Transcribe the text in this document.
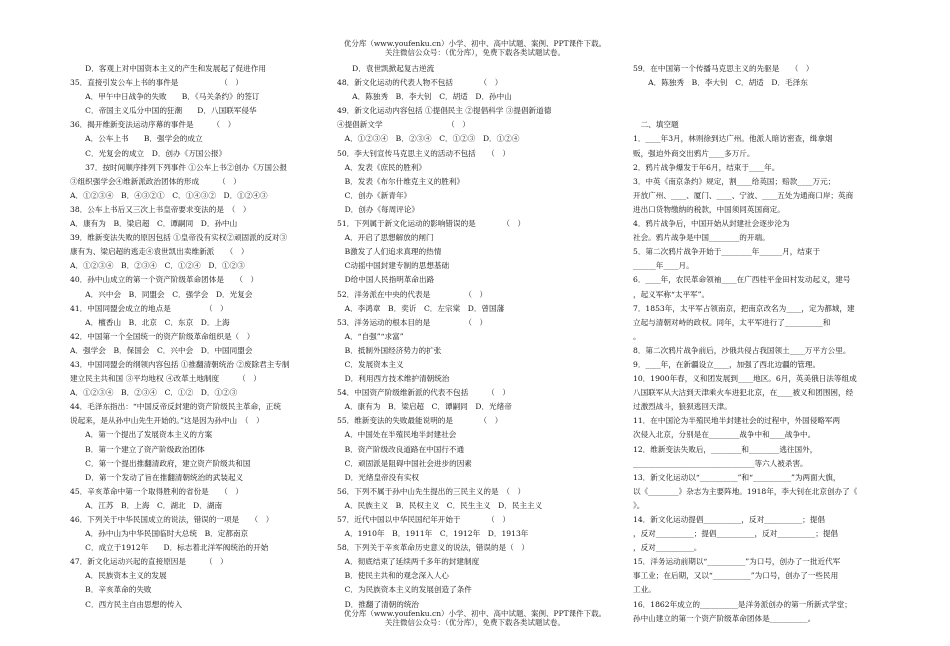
优分库（www.youfenku.cn）小学、初中、高中试题、案例、PPT课件下载。
关注微信公众号：（优分库），免费下载各类试题试卷。
　　D．客观上对中国资本主义的产生和发展起了促进作用
35．直接引发公车上书的事件是　　　　　　（　）
　　A．甲午中日战争的失败　　B．《马关条约》的签订
　　C．帝国主义瓜分中国的狂潮　　D．八国联军侵华
36．揭开维新变法运动序幕的事件是　　　（　）
　　A．公车上书　　B．强学会的成立
　　C．光复会的成立　D．创办《万国公报》
　　37．按时间顺序排列下列事件 ①公车上书②创办《万国公报
③组织强学会④维新派政治团体的形成　　　（　）
A．①②③④　B．④③②①　C．①④③②　D．①②④③
38．公车上书后又三次上书皇帝要求变法的是　（　）
A．康有为　B．梁启超　C．谭嗣同　D．孙中山
39．维新变法失败的原因包括 ①皇帝没有实权②顽固派的反对③
康有为、梁启超的逃走④袁世凯出卖维新派　　（　）
A．①②③④　B．②③④　C．①②④　D．①②③
40．孙中山成立的第一个资产阶级革命团体是　　（　）
　　A．兴中会　B．同盟会　C．强学会　D．光复会
41．中国同盟会成立的地点是　　　　　（　）
　　A．檀香山　B．北京　C．东京　D．上海
42．中国第一个全国统一的资产阶级革命组织是（　）
A．强学会　B．保国会　C．兴中会　D．中国同盟会
43．中国同盟会的纲领内容包括 ①推翻清朝统治 ②废除君主专制
建立民主共和国 ③平均地权 ④改革土地制度　　　（　）
A．①②③④　B．②③④　C．①②　D．①②③
44．毛泽东指出：“中国反帝反封建的资产阶级民主革命，正统
说起来，是从孙中山先生开始的。”这是因为孙中山　（　）
　　A．第一个提出了发展资本主义的方案
　　B．第一个建立了资产阶级政治团体
　　C．第一个提出推翻清政府，建立资产阶级共和国
　　D．第一个发动了旨在推翻清朝统治的武装起义
45．辛亥革命中第一个取得胜利的省份是　　（　）
　　A．江苏　B．上海　C．湖北　D．湖南
46．下列关于中华民国成立的说法，错误的一项是　　（　）
　　A．孙中山为中华民国临时大总统　B．定都南京
　　C．成立于1912年　　D．标志着北洋军阀统治的开始
47．新文化运动兴起的直接原因是　　　（　）
　　A．民族资本主义的发展
　　B．辛亥革命的失败
　　C．西方民主自由思想的传入
　　D．袁世凯掀起复古逆流
48．新文化运动的代表人物不包括　　　　（　）
　　A．陈独秀　B．李大钊　C．胡适　D．孙中山
49．新文化运动内容包括 ①提倡民主 ②提倡科学 ③提倡新道德
④提倡新文学　　　　　　　　　（　）
　A．①②③④　B．②③④　C．①②③　D．①②④
50．李大钊宣传马克思主义的活动不包括　　（　）
　A．发表《庶民的胜利》
　B．发表《布尔什维克主义的胜利》
　C．创办《新青年》
　D．创办《每周评论》
51．下列属于新文化运动的影响错误的是　　　　（　）
　A．开启了思想解放的闸门
　B激发了人们追求真理的热情
　C动摇中国封建专制的思想基础
　D给中国人民指明革命出路
52．洋务派在中央的代表是　　　　　（　）
　A．李鸿章　B．奕䜣　C．左宗棠　D．曾国藩
53．洋务运动的根本目的是　　　　　（　）
　A．“自强”“求富”
　B．抵制外国经济势力的扩张
　C．发展资本主义
　D．利用西方技术维护清朝统治
54．中国资产阶级维新派的代表不包括　　　（　）
　A．康有为　B．梁启超　C．谭嗣同　D．光绪帝
55．维新变法的失败最能说明的是　　　　（　）
　A．中国处在半殖民地半封建社会
　B．资产阶级改良道路在中国行不通
　C．顽固派是阻碍中国社会进步的因素
　D．光绪皇帝没有实权
56．下列不属于孙中山先生提出的三民主义的是　（　）
　A．民族主义　B．民权主义　C．民生主义　D．民主主义
57．近代中国以中华民国纪年开始于　　　　（　）
　A．1910年　B．1911年　C．1912年　D．1913年
58．下列关于辛亥革命历史意义的说法，错误的是（　）
　A．彻底结束了延续两千多年的封建制度
　B．使民主共和的观念深入人心
　C．为民族资本主义的发展创造了条件
　D．推翻了清朝的统治
59．在中国第一个传播马克思主义的先驱是　　（　）
　　A．陈独秀　B．李大钊　C．胡适　D．毛泽东

　二、填空题
1．____年3月，林则徐到达广州。他派人暗访密查，缉拿烟
贩，强迫外商交出鸦片____多万斤。
2．鸦片战争爆发于年6月，结束于____年。
3．中英《南京条约》规定，割____给英国；赔款____万元；
开放广州、____、厦门、____、宁波、____五处为通商口岸；英商
进出口货物缴纳的税款，中国须同英国商定。
4．鸦片战争后，中国开始从封建社会逐步沦为
社会。鸦片战争是中国________的开端。
5．第二次鸦片战争开始于________年______月，结束于
______年____月。
6．____年，农民革命领袖____在广西桂平金田村发动起义，建号
，起义军称“太平军”。
7．1853年，太平军占领南京，把南京改名为____，定为都城，建
立起与清朝对峙的政权。同年，太平军进行了__________和
。
8．第二次鸦片战争前后，沙俄共侵占我国领土____万平方公里。
9．____年，在新疆设立____，加强了西北边疆的管理。
10．1900年春，义和团发展到____地区。6月，英美俄日法等组成
八国联军从大沽到天津乘火车进犯北京，在____被义和团围困，经
过激烈战斗，狼狈逃回天津。
11．在中国沦为半殖民地半封建社会的过程中，外国侵略军两
次侵入北京，分别是在________战争中和____战争中。
12．维新变法失败后，________和________逃往国外，
________________________________等六人被杀害。
13．新文化运动以“__________”和“__________”为两面大旗，
以《________》杂志为主要阵地。1918年，李大钊在北京创办了《
》。
14．新文化运动提倡__________，反对__________；提倡
，反对__________；提倡__________，反对__________；提倡
，反对__________。
15．洋务运动前期以“__________”为口号，创办了一批近代军
事工业；在后期，又以“__________”为口号，创办了一些民用
工业。
16．1862年成立的__________是洋务派创办的第一所新式学堂；
孙中山建立的第一个资产阶级革命团体是__________。
优分库（www.youfenku.cn）小学、初中、高中试题、案例、PPT课件下载。
关注微信公众号：（优分库），免费下载各类试题试卷。
